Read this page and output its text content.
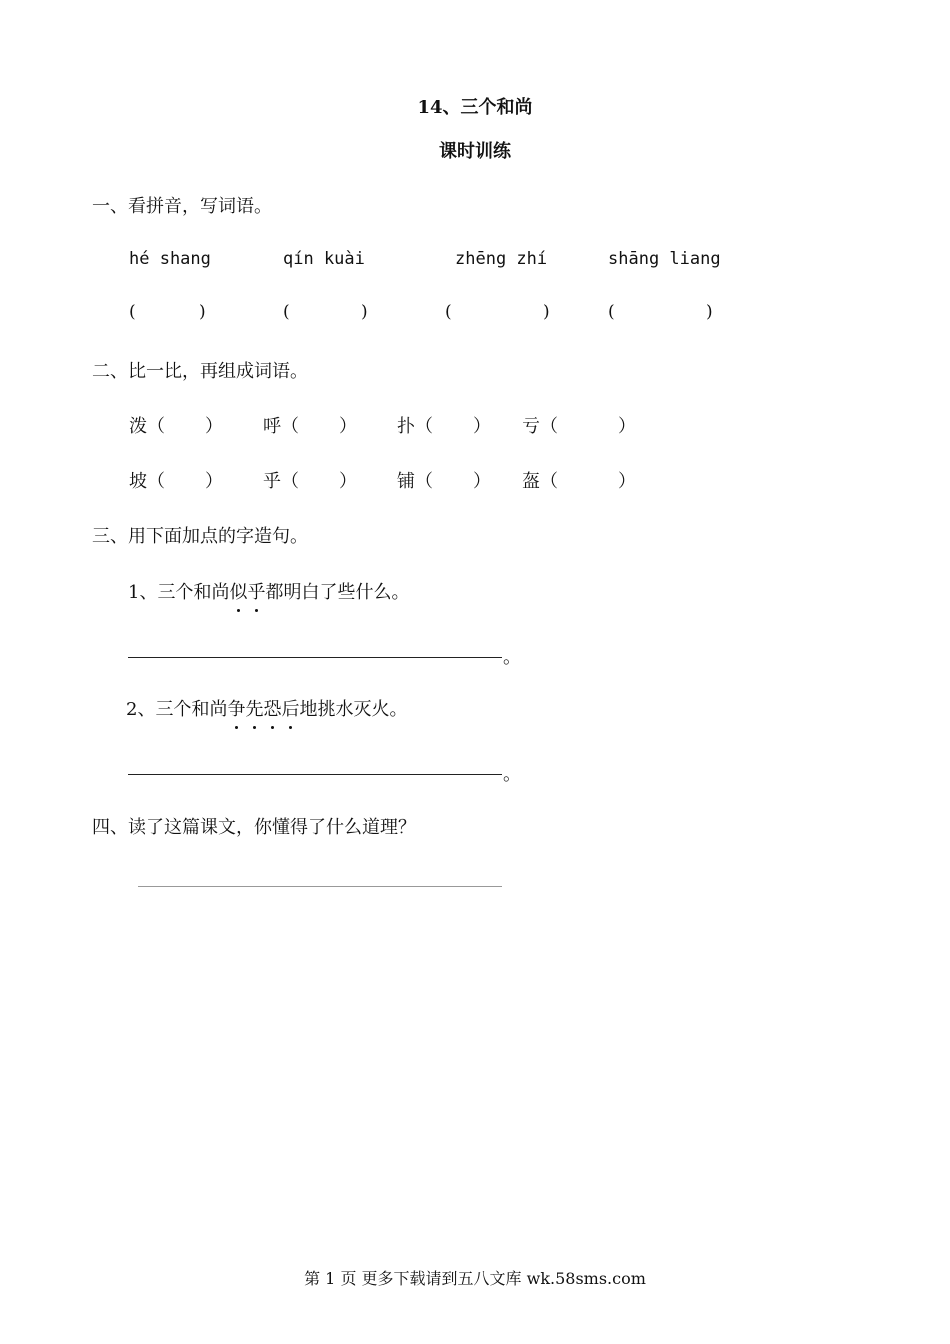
14、三个和尚
课时训练
一、看拼音，写词语。
hé shang	qín kuài	zhēng zhí	shāng liang
(	)	(	)	(	)	(	)
二、比一比，再组成词语。
泼（ ） 呼（ ） 扑（ ） 亏（	）
坡（ ） 乎（ ） 铺（ ） 盔（	）
三、用下面加点的字造句。
1、三个和尚似乎都明白了些什么。
。
2、三个和尚争先恐后地挑水灭火。
。
四、读了这篇课文，你懂得了什么道理？
第 1 页 更多下载请到五八文库 wk.58sms.com
